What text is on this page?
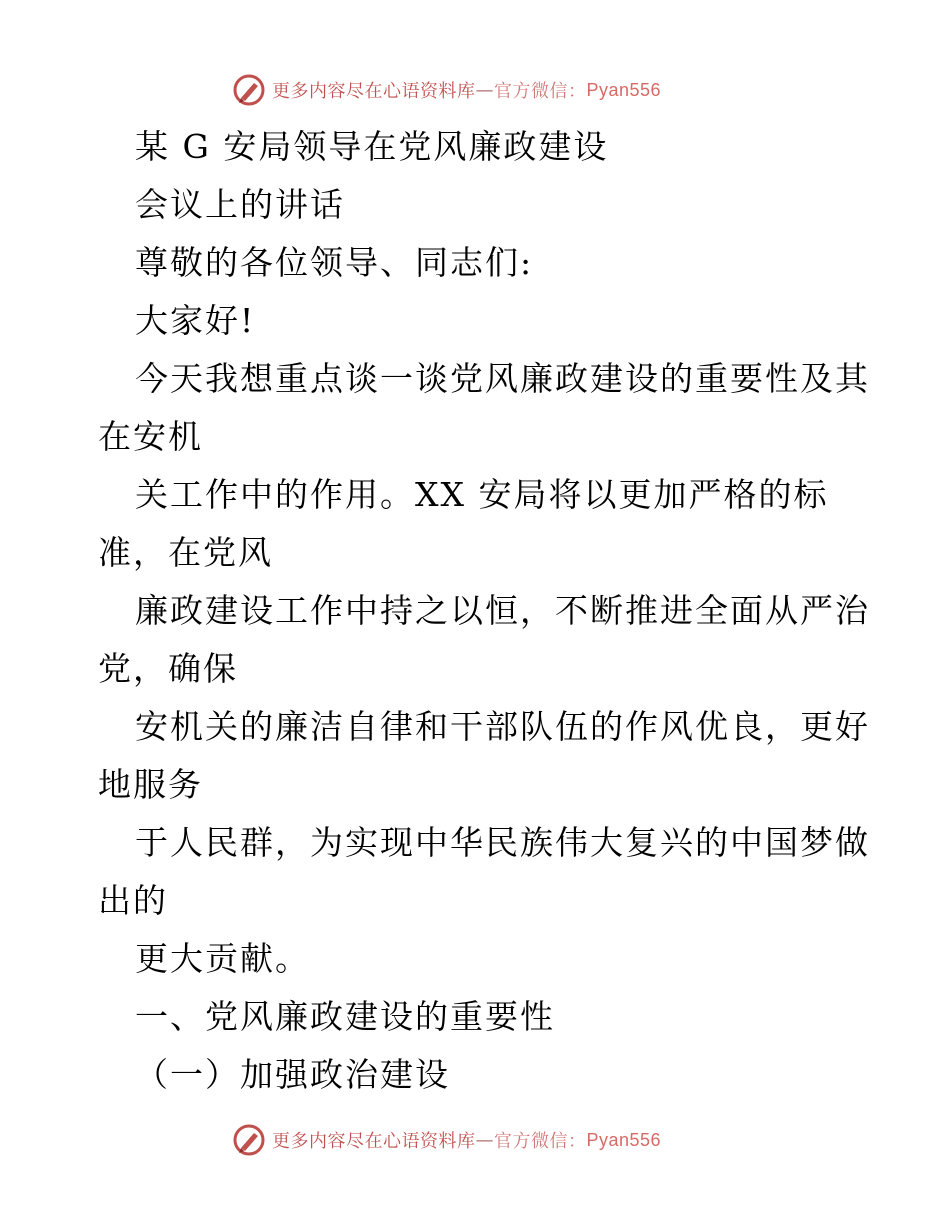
更多内容尽在心语资料库 — 官方微信： Pyan556
某 G 安局领导在党风廉政建设
会议上的讲话
尊敬的各位领导、同志们:
大家好!
今天我想重点谈一谈党风廉政建设的重要性及其
在安机
关工作中的作用。XX 安局将以更加严格的标
准，在党风
廉政建设工作中持之以恒，不断推进全面从严治
党，确保
安机关的廉洁自律和干部队伍的作风优良，更好
地服务
于人民群，为实现中华民族伟大复兴的中国梦做
出的
更大贡献。
一、党风廉政建设的重要性
（一）加强政治建设
更多内容尽在心语资料库 — 官方微信： Pyan556
